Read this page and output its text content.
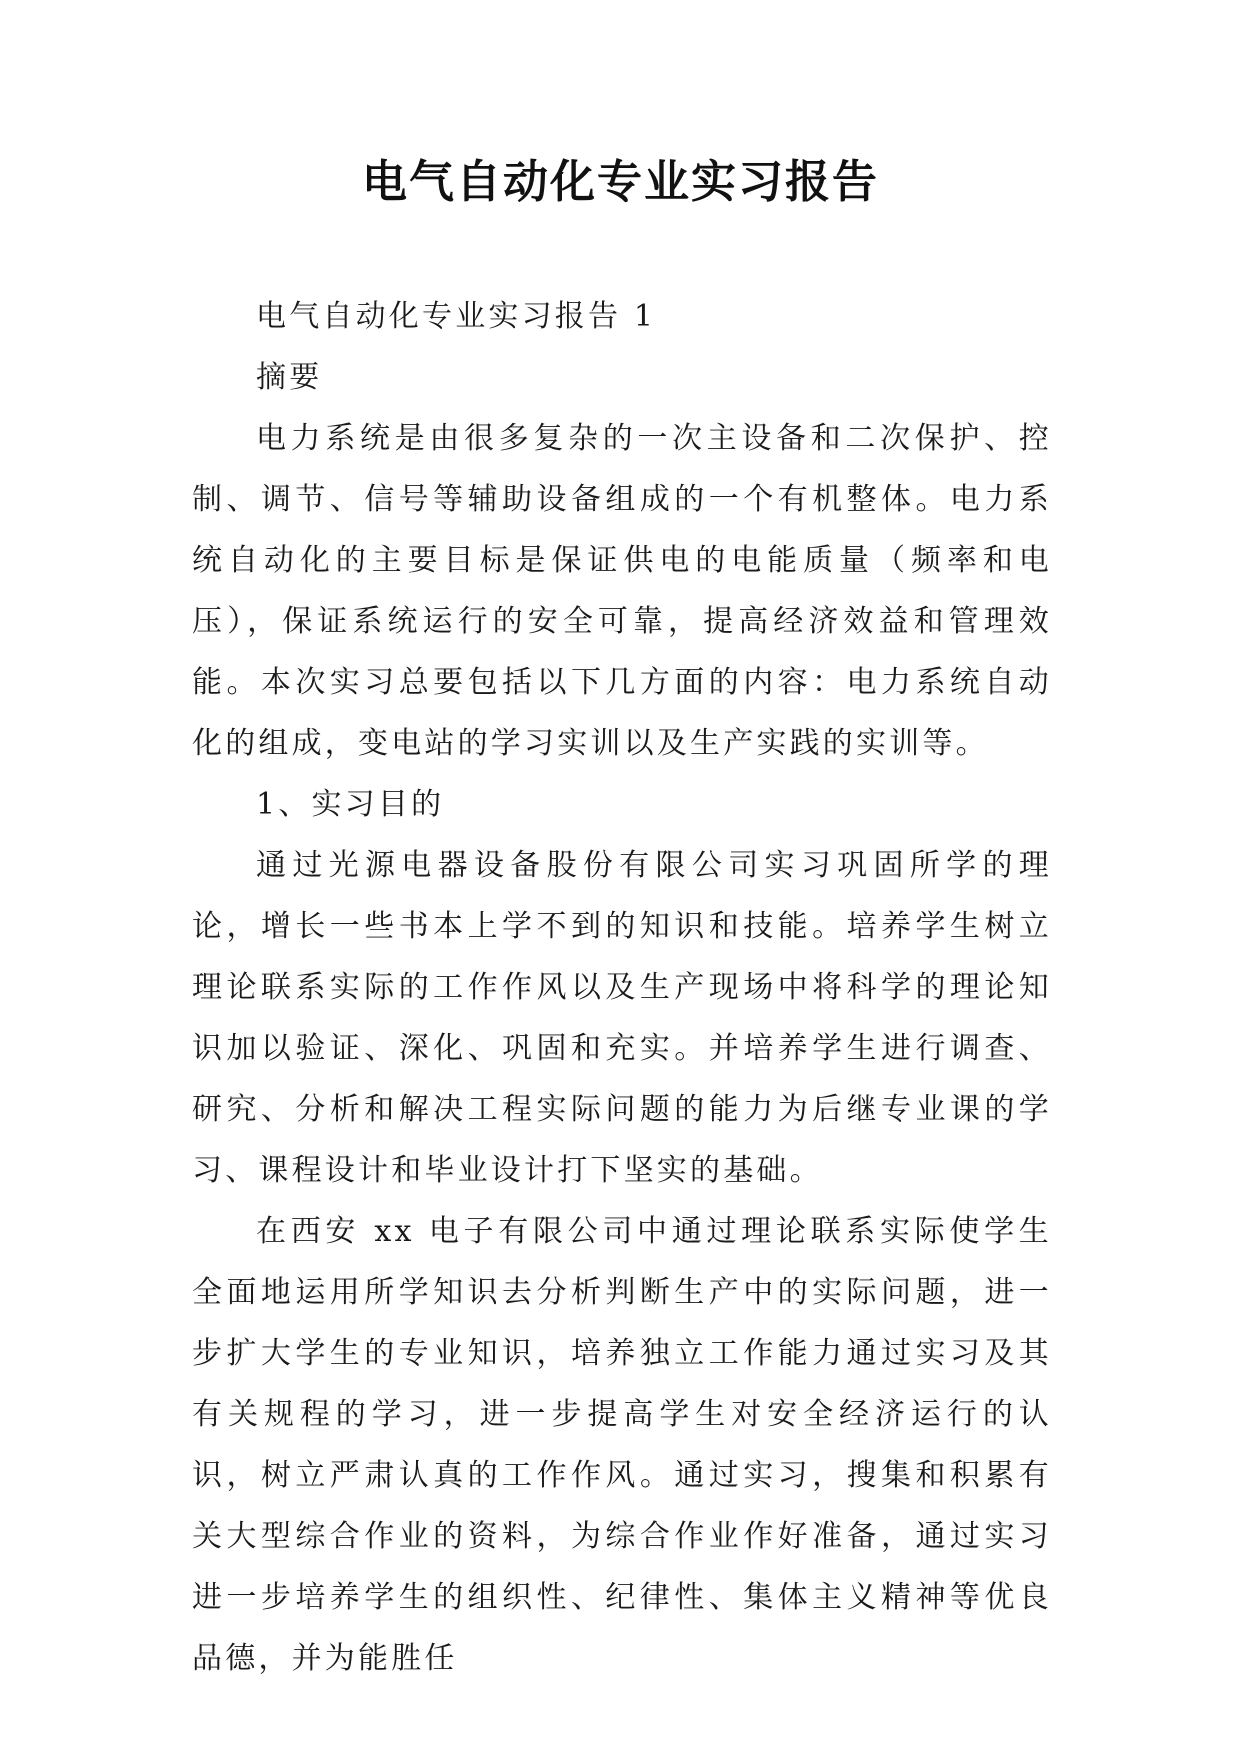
电气自动化专业实习报告

电气自动化专业实习报告 1

摘要

电力系统是由很多复杂的一次主设备和二次保护、控制、调节、信号等辅助设备组成的一个有机整体。电力系统自动化的主要目标是保证供电的电能质量（频率和电压），保证系统运行的安全可靠，提高经济效益和管理效能。本次实习总要包括以下几方面的内容：电力系统自动化的组成，变电站的学习实训以及生产实践的实训等。

1、实习目的

通过光源电器设备股份有限公司实习巩固所学的理论，增长一些书本上学不到的知识和技能。培养学生树立理论联系实际的工作作风以及生产现场中将科学的理论知识加以验证、深化、巩固和充实。并培养学生进行调查、研究、分析和解决工程实际问题的能力为后继专业课的学习、课程设计和毕业设计打下坚实的基础。

在西安 xx 电子有限公司中通过理论联系实际使学生全面地运用所学知识去分析判断生产中的实际问题，进一步扩大学生的专业知识，培养独立工作能力通过实习及其有关规程的学习，进一步提高学生对安全经济运行的认识，树立严肃认真的工作作风。通过实习，搜集和积累有关大型综合作业的资料，为综合作业作好准备，通过实习进一步培养学生的组织性、纪律性、集体主义精神等优良品德，并为能胜任
